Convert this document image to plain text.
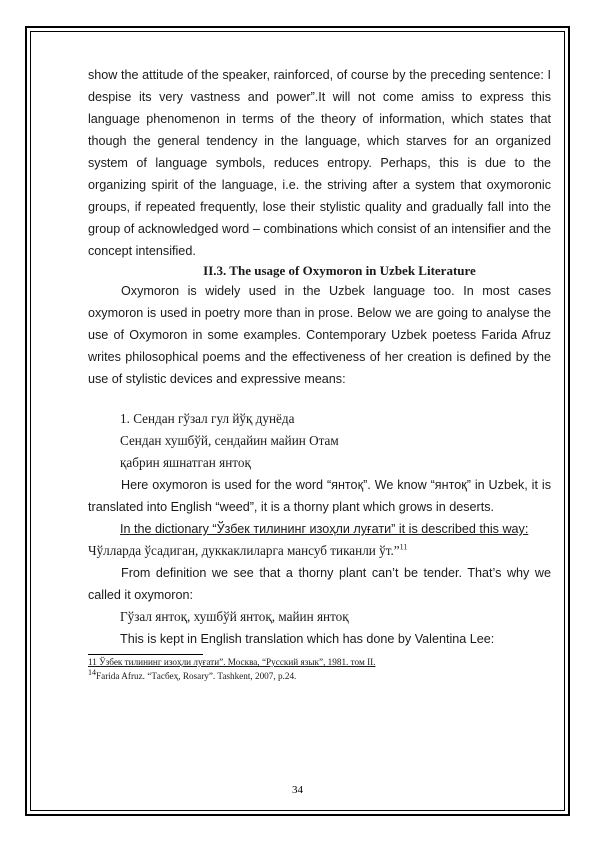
show the attitude of the speaker, rainforced, of course by the preceding sentence: I despise its very vastness and power”.It will not come amiss to express this language phenomenon in terms of the theory of information, which states that though the general tendency in the language, which starves for an organized system of language symbols, reduces entropy. Perhaps, this is due to the organizing spirit of the language, i.e. the striving after a system that oxymoronic groups, if repeated frequently, lose their stylistic quality and gradually fall into the group of acknowledged word – combinations which consist of an intensifier and the concept intensified.

II.3. The usage of Oxymoron in Uzbek Literature

Oxymoron is widely used in the Uzbek language too. In most cases oxymoron is used in poetry more than in prose. Below we are going to analyse the use of Oxymoron in some examples. Contemporary Uzbek poetess Farida Afruz writes philosophical poems and the effectiveness of her creation is defined by the use of stylistic devices and expressive means:

1. Сендан гўзал гул йўқ дунёда

Сендан хушбўй, сендайин майин Отам

қабрин яшнатган янтоқ

Here oxymoron is used for the word “янтоқ”. We know “янтоқ” in Uzbek, it is translated into English “weed”, it is a thorny plant which grows in deserts.

In the dictionary “Ўзбек тилининг изоҳли луғати” it is described this way:

Чўлларда ўсадиган, дуккаклиларга мансуб тиканли ўт.”$^{11}$

From definition we see that a thorny plant can’t be tender. That’s why we called it oxymoron:

Гўзал янтоқ, хушбўй янтоқ, майин янтоқ

This is kept in English translation which has done by Valentina Lee:

11 Ўзбек тилининг изоҳли луғати”. Москва, “Русский язык”, 1981. том II.

$^{14}$Farida Afruz. “Тасбеҳ, Rosary”. Tashkent, 2007, p.24.

34
